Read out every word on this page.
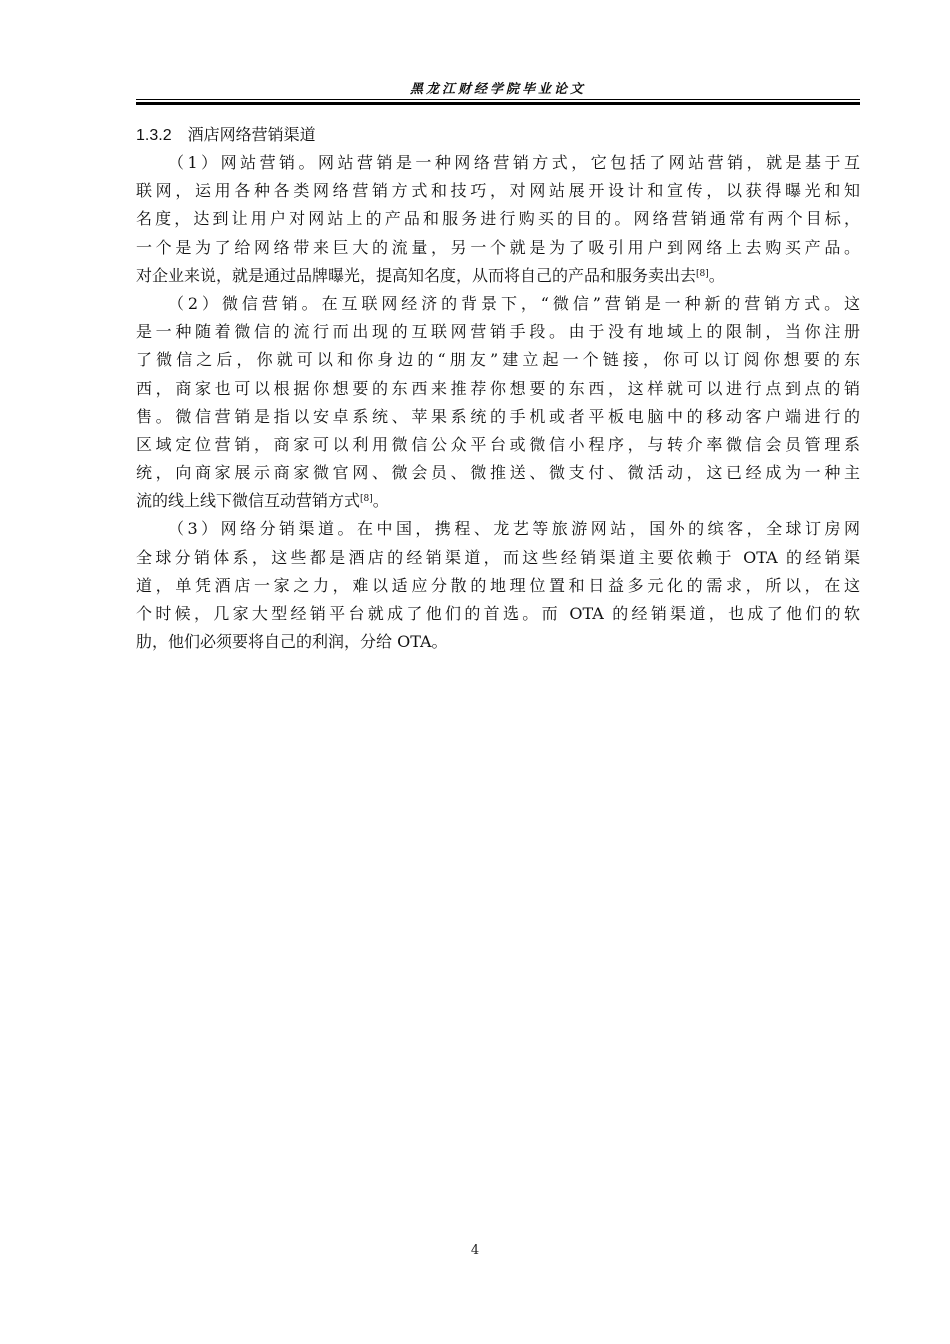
黑龙江财经学院毕业论文
1.3.2 酒店网络营销渠道
（1）网站营销。网站营销是一种网络营销方式，它包括了网站营销，就是基于互
联网，运用各种各类网络营销方式和技巧，对网站展开设计和宣传，以获得曝光和知
名度，达到让用户对网站上的产品和服务进行购买的目的。网络营销通常有两个目标，
一个是为了给网络带来巨大的流量，另一个就是为了吸引用户到网络上去购买产品。
对企业来说，就是通过品牌曝光，提高知名度，从而将自己的产品和服务卖出去[8]。
（2）微信营销。在互联网经济的背景下，“微信”营销是一种新的营销方式。这
是一种随着微信的流行而出现的互联网营销手段。由于没有地域上的限制，当你注册
了微信之后，你就可以和你身边的“朋友”建立起一个链接，你可以订阅你想要的东
西，商家也可以根据你想要的东西来推荐你想要的东西，这样就可以进行点到点的销
售。微信营销是指以安卓系统、苹果系统的手机或者平板电脑中的移动客户端进行的
区域定位营销，商家可以利用微信公众平台或微信小程序，与转介率微信会员管理系
统，向商家展示商家微官网、微会员、微推送、微支付、微活动，这已经成为一种主
流的线上线下微信互动营销方式[8]。
（3）网络分销渠道。在中国，携程、龙艺等旅游网站，国外的缤客，全球订房网
全球分销体系，这些都是酒店的经销渠道，而这些经销渠道主要依赖于 OTA 的经销渠
道，单凭酒店一家之力，难以适应分散的地理位置和日益多元化的需求，所以，在这
个时候，几家大型经销平台就成了他们的首选。而 OTA 的经销渠道，也成了他们的软
肋，他们必须要将自己的利润，分给 OTA。
4
